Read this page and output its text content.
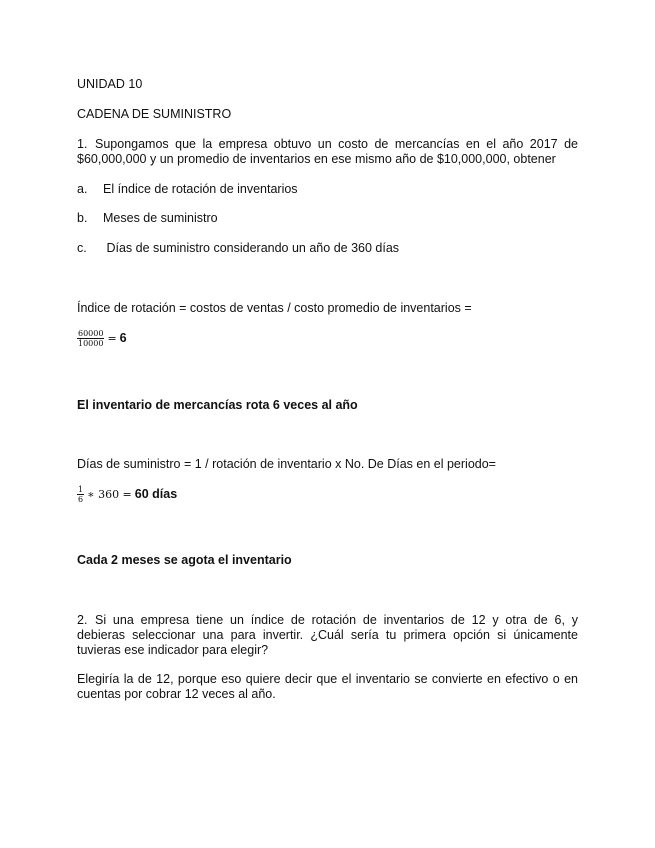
UNIDAD 10
CADENA DE SUMINISTRO
1. Supongamos que la empresa obtuvo un costo de mercancías en el año 2017 de
$60,000,000 y un promedio de inventarios en ese mismo año de $10,000,000, obtener
a. El índice de rotación de inventarios
b. Meses de suministro
c. Días de suministro considerando un año de 360 días
Índice de rotación = costos de ventas / costo promedio de inventarios =
$\frac{60000}{10000} = 6$
El inventario de mercancías rota 6 veces al año
Días de suministro = 1 / rotación de inventario x No. De Días en el periodo=
$\frac{1}{6}$ ∗ 360 = 60 días
Cada 2 meses se agota el inventario
2. Si una empresa tiene un índice de rotación de inventarios de 12 y otra de 6, y
debieras seleccionar una para invertir. ¿Cuál sería tu primera opción si únicamente
tuvieras ese indicador para elegir?
Elegiría la de 12, porque eso quiere decir que el inventario se convierte en efectivo o en
cuentas por cobrar 12 veces al año.
